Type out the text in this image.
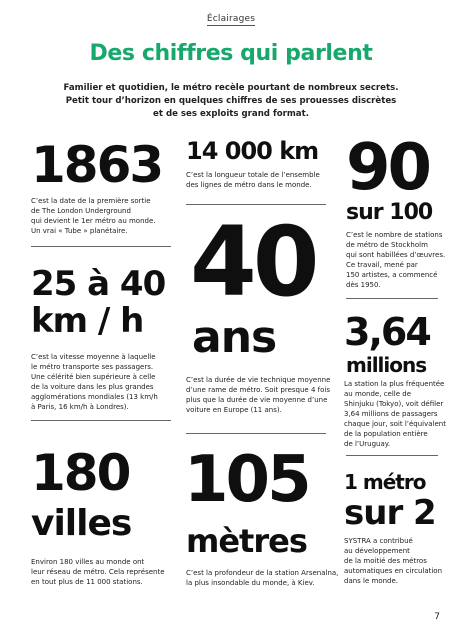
Éclairages
Des chiffres qui parlent
Familier et quotidien, le métro recèle pourtant de nombreux secrets.
Petit tour d’horizon en quelques chiffres de ses prouesses discrètes
et de ses exploits grand format.
1863
C’est la date de la première sortie
de The London Underground
qui devient le 1er métro au monde.
Un vrai « Tube » planétaire.
25 à 40
km / h
C’est la vitesse moyenne à laquelle
le métro transporte ses passagers.
Une célérité bien supérieure à celle
de la voiture dans les plus grandes
agglomérations mondiales (13 km/h
à Paris, 16 km/h à Londres).
180
villes
Environ 180 villes au monde ont
leur réseau de métro. Cela représente
en tout plus de 11 000 stations.
14 000 km
C’est la longueur totale de l’ensemble
des lignes de métro dans le monde.
40
ans
C’est la durée de vie technique moyenne
d’une rame de métro. Soit presque 4 fois
plus que la durée de vie moyenne d’une
voiture en Europe (11 ans).
105
mètres
C’est la profondeur de la station Arsenalna,
la plus insondable du monde, à Kiev.
90
sur 100
C’est le nombre de stations
de métro de Stockholm
qui sont habillées d’œuvres.
Ce travail, mené par
150 artistes, a commencé
dès 1950.
3,64
millions
La station la plus fréquentée
au monde, celle de
Shinjuku (Tokyo), voit défiler
3,64 millions de passagers
chaque jour, soit l’équivalent
de la population entière
de l’Uruguay.
1 métro
sur 2
SYSTRA a contribué
au développement
de la moitié des métros
automatiques en circulation
dans le monde.
7
